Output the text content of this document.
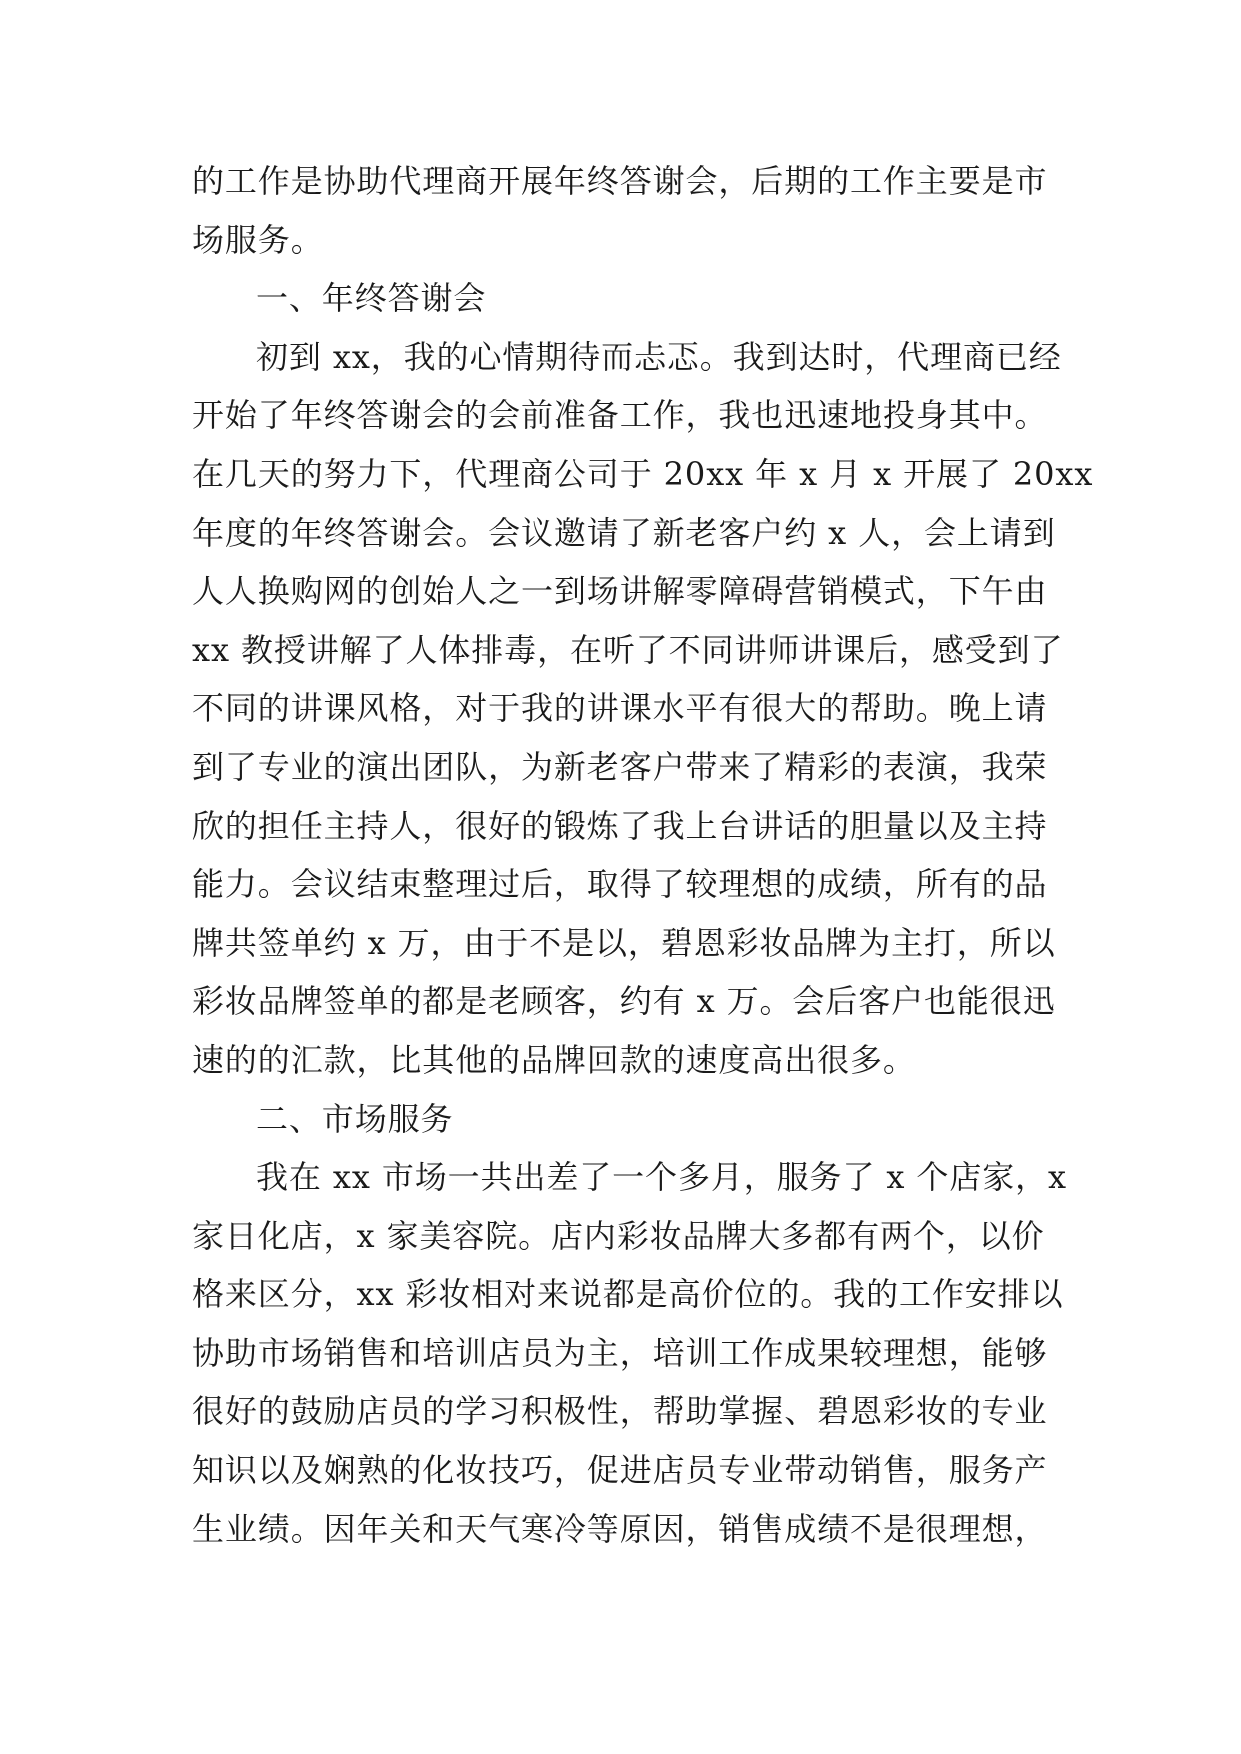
的工作是协助代理商开展年终答谢会，后期的工作主要是市
场服务。
一、年终答谢会
初到 xx，我的心情期待而忐忑。我到达时，代理商已经
开始了年终答谢会的会前准备工作，我也迅速地投身其中。
在几天的努力下，代理商公司于 20xx 年 x 月 x 开展了 20xx
年度的年终答谢会。会议邀请了新老客户约 x 人，会上请到
人人换购网的创始人之一到场讲解零障碍营销模式，下午由
xx 教授讲解了人体排毒，在听了不同讲师讲课后，感受到了
不同的讲课风格，对于我的讲课水平有很大的帮助。晚上请
到了专业的演出团队，为新老客户带来了精彩的表演，我荣
欣的担任主持人，很好的锻炼了我上台讲话的胆量以及主持
能力。会议结束整理过后，取得了较理想的成绩，所有的品
牌共签单约 x 万，由于不是以，碧恩彩妆品牌为主打，所以
彩妆品牌签单的都是老顾客，约有 x 万。会后客户也能很迅
速的的汇款，比其他的品牌回款的速度高出很多。
二、市场服务
我在 xx 市场一共出差了一个多月，服务了 x 个店家，x
家日化店，x 家美容院。店内彩妆品牌大多都有两个，以价
格来区分，xx 彩妆相对来说都是高价位的。我的工作安排以
协助市场销售和培训店员为主，培训工作成果较理想，能够
很好的鼓励店员的学习积极性，帮助掌握、碧恩彩妆的专业
知识以及娴熟的化妆技巧，促进店员专业带动销售，服务产
生业绩。因年关和天气寒冷等原因，销售成绩不是很理想，
